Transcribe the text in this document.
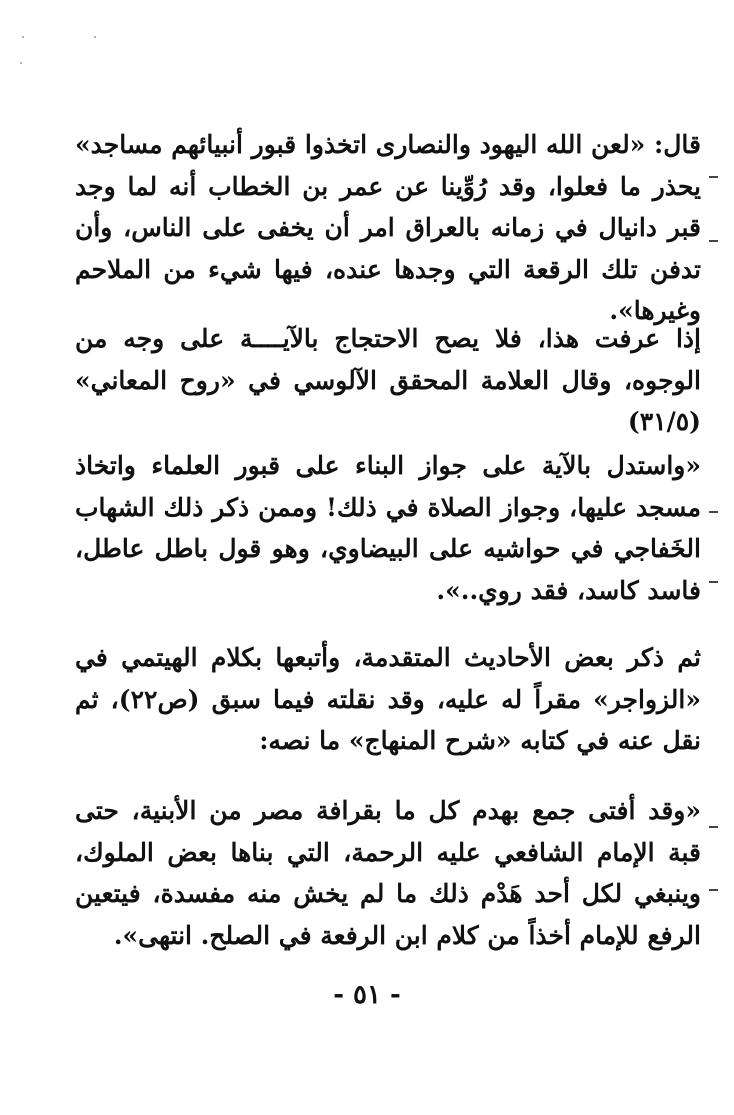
قال: «لعن الله اليهود والنصارى اتخذوا قبور أنبيائهم مساجد» يحذر ما فعلوا، وقد رُوِّينا عن عمر بن الخطاب أنه لما وجد قبر دانيال في زمانه بالعراق امر أن يخفى على الناس، وأن تدفن تلك الرقعة التي وجدها عنده، فيها شيء من الملاحم وغيرها».

إذا عرفت هذا، فلا يصح الاحتجاج بالآيــــة على وجه من الوجوه، وقال العلامة المحقق الآلوسي في «روح المعاني» (٣١/٥)

«واستدل بالآية على جواز البناء على قبور العلماء واتخاذ مسجد عليها، وجواز الصلاة في ذلك! وممن ذكر ذلك الشهاب الخَفاجي في حواشيه على البيضاوي، وهو قول باطل عاطل، فاسد كاسد، فقد روي..».

ثم ذكر بعض الأحاديث المتقدمة، وأتبعها بكلام الهيتمي في «الزواجر» مقراً له عليه، وقد نقلته فيما سبق (ص٢٢)، ثم نقل عنه في كتابه «شرح المنهاج» ما نصه:

«وقد أفتى جمع بهدم كل ما بقرافة مصر من الأبنية، حتى قبة الإمام الشافعي عليه الرحمة، التي بناها بعض الملوك، وينبغي لكل أحد هَدْم ذلك ما لم يخش منه مفسدة، فيتعين الرفع للإمام أخذاً من كلام ابن الرفعة في الصلح. انتهى».

- ٥١ -
